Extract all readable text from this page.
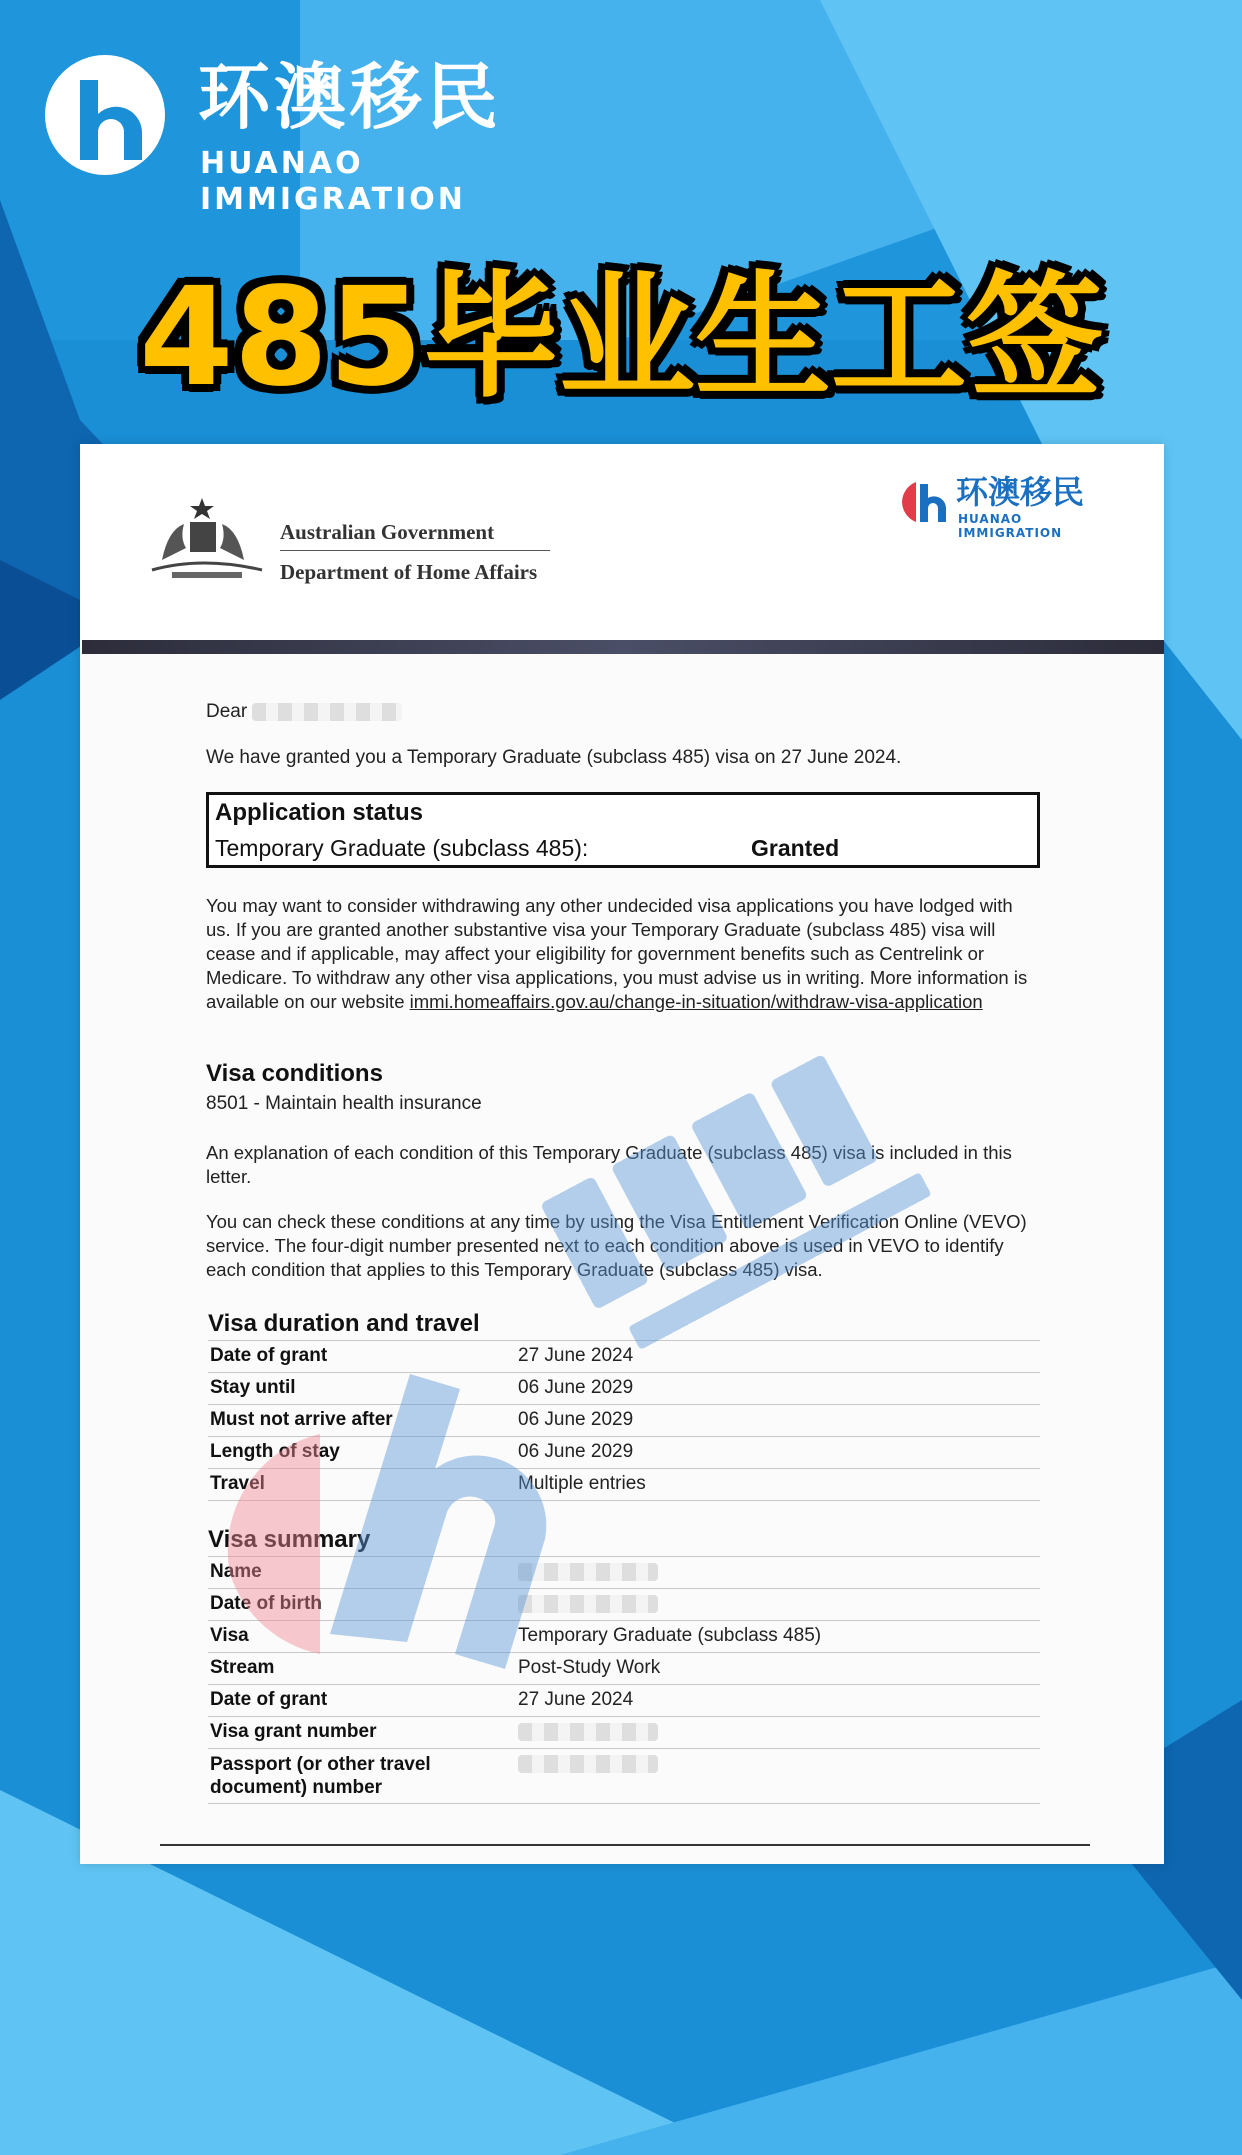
环澳移民
HUANAO IMMIGRATION
485毕业生工签
Australian Government
Department of Home Affairs
环澳移民
HUANAO IMMIGRATION
Dear
We have granted you a Temporary Graduate (subclass 485) visa on 27 June 2024.
Application status
Temporary Graduate (subclass 485):	Granted
You may want to consider withdrawing any other undecided visa applications you have lodged with us. If you are granted another substantive visa your Temporary Graduate (subclass 485) visa will cease and if applicable, may affect your eligibility for government benefits such as Centrelink or Medicare. To withdraw any other visa applications, you must advise us in writing. More information is available on our website immi.homeaffairs.gov.au/change-in-situation/withdraw-visa-application
Visa conditions
8501 - Maintain health insurance
An explanation of each condition of this Temporary Graduate (subclass 485) visa is included in this letter.
You can check these conditions at any time by using the Visa Entitlement Verification Online (VEVO) service. The four-digit number presented next to each condition above is used in VEVO to identify each condition that applies to this Temporary Graduate (subclass 485) visa.
Visa duration and travel
Date of grant	27 June 2024
Stay until	06 June 2029
Must not arrive after	06 June 2029
Length of stay	06 June 2029
Travel	Multiple entries
Visa summary
Name
Date of birth
Visa	Temporary Graduate (subclass 485)
Stream	Post-Study Work
Date of grant	27 June 2024
Visa grant number
Passport (or other travel document) number
